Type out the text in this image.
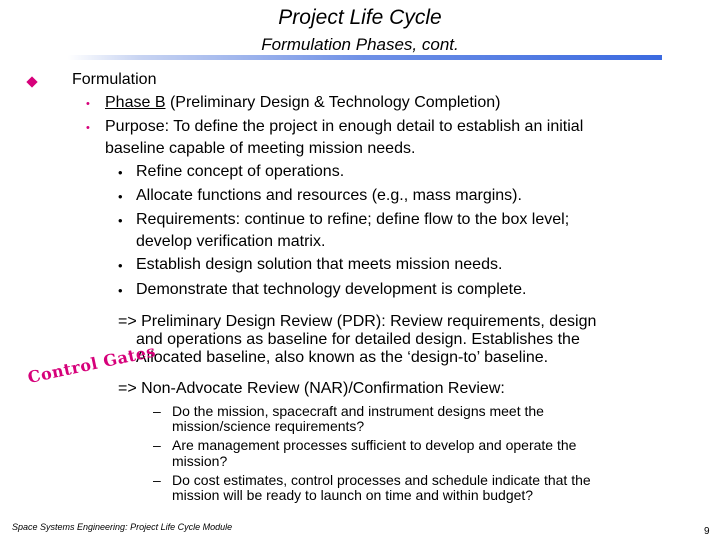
Project Life Cycle
Formulation Phases, cont.
Formulation
• Phase B (Preliminary Design & Technology Completion)
• Purpose: To define the project in enough detail to establish an initial
baseline capable of meeting mission needs.
• Refine concept of operations.
• Allocate functions and resources (e.g., mass margins).
• Requirements: continue to refine; define flow to the box level;
develop verification matrix.
• Establish design solution that meets mission needs.
• Demonstrate that technology development is complete.
=> Preliminary Design Review (PDR): Review requirements, design
and operations as baseline for detailed design. Establishes the
Allocated baseline, also known as the ‘design-to’ baseline.
Control Gates
=> Non-Advocate Review (NAR)/Confirmation Review:
– Do the mission, spacecraft and instrument designs meet the
mission/science requirements?
– Are management processes sufficient to develop and operate the
mission?
– Do cost estimates, control processes and schedule indicate that the
mission will be ready to launch on time and within budget?
Space Systems Engineering: Project Life Cycle Module	9
